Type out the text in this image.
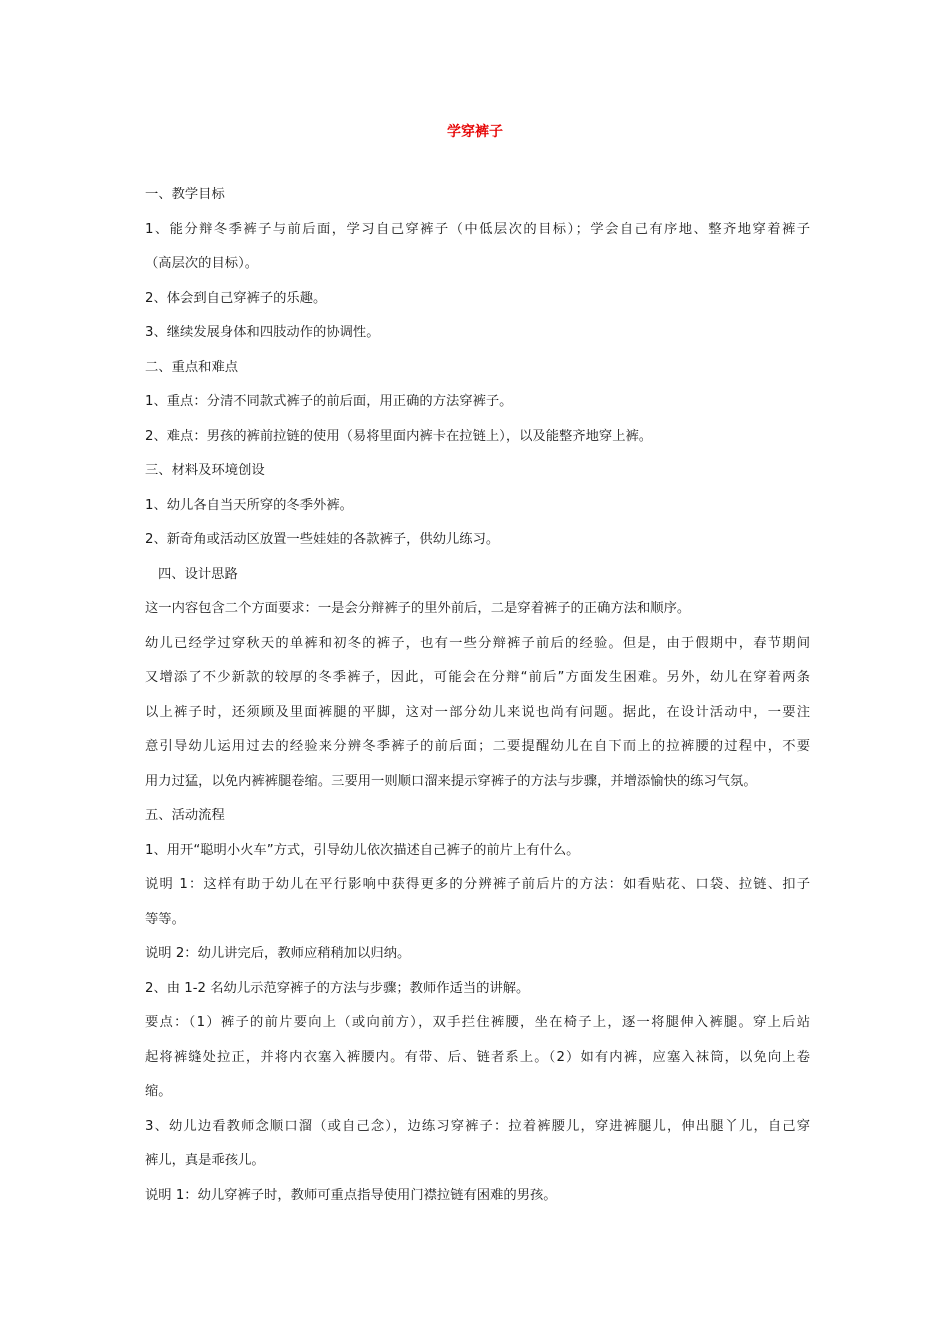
学穿裤子
一、教学目标
1、能分辩冬季裤子与前后面，学习自己穿裤子（中低层次的目标）；学会自己有序地、整齐地穿着裤子
（高层次的目标）。
2、体会到自己穿裤子的乐趣。
3、继续发展身体和四肢动作的协调性。
二、重点和难点
1、重点：分清不同款式裤子的前后面，用正确的方法穿裤子。
2、难点：男孩的裤前拉链的使用（易将里面内裤卡在拉链上），以及能整齐地穿上裤。
三、材料及环境创设
1、幼儿各自当天所穿的冬季外裤。
2、新奇角或活动区放置一些娃娃的各款裤子，供幼儿练习。
四、设计思路
这一内容包含二个方面要求：一是会分辩裤子的里外前后，二是穿着裤子的正确方法和顺序。
幼儿已经学过穿秋天的单裤和初冬的裤子，也有一些分辩裤子前后的经验。但是，由于假期中，春节期间
又增添了不少新款的较厚的冬季裤子，因此，可能会在分辩“前后”方面发生困难。另外，幼儿在穿着两条
以上裤子时，还须顾及里面裤腿的平脚，这对一部分幼儿来说也尚有问题。据此，在设计活动中，一要注
意引导幼儿运用过去的经验来分辨冬季裤子的前后面；二要提醒幼儿在自下而上的拉裤腰的过程中，不要
用力过猛，以免内裤裤腿卷缩。三要用一则顺口溜来提示穿裤子的方法与步骤，并增添愉快的练习气氛。
五、活动流程
1、用开“聪明小火车”方式，引导幼儿依次描述自己裤子的前片上有什么。
说明 1：这样有助于幼儿在平行影响中获得更多的分辨裤子前后片的方法：如看贴花、口袋、拉链、扣子
等等。
说明 2：幼儿讲完后，教师应稍稍加以归纳。
2、由 1-2 名幼儿示范穿裤子的方法与步骤；教师作适当的讲解。
要点：（1）裤子的前片要向上（或向前方），双手拦住裤腰，坐在椅子上，逐一将腿伸入裤腿。穿上后站
起将裤缝处拉正，并将内衣塞入裤腰内。有带、后、链者系上。（2）如有内裤，应塞入袜筒，以免向上卷
缩。
3、幼儿边看教师念顺口溜（或自己念），边练习穿裤子：拉着裤腰儿，穿进裤腿儿，伸出腿丫儿，自己穿
裤儿，真是乖孩儿。
说明 1：幼儿穿裤子时，教师可重点指导使用门襟拉链有困难的男孩。
